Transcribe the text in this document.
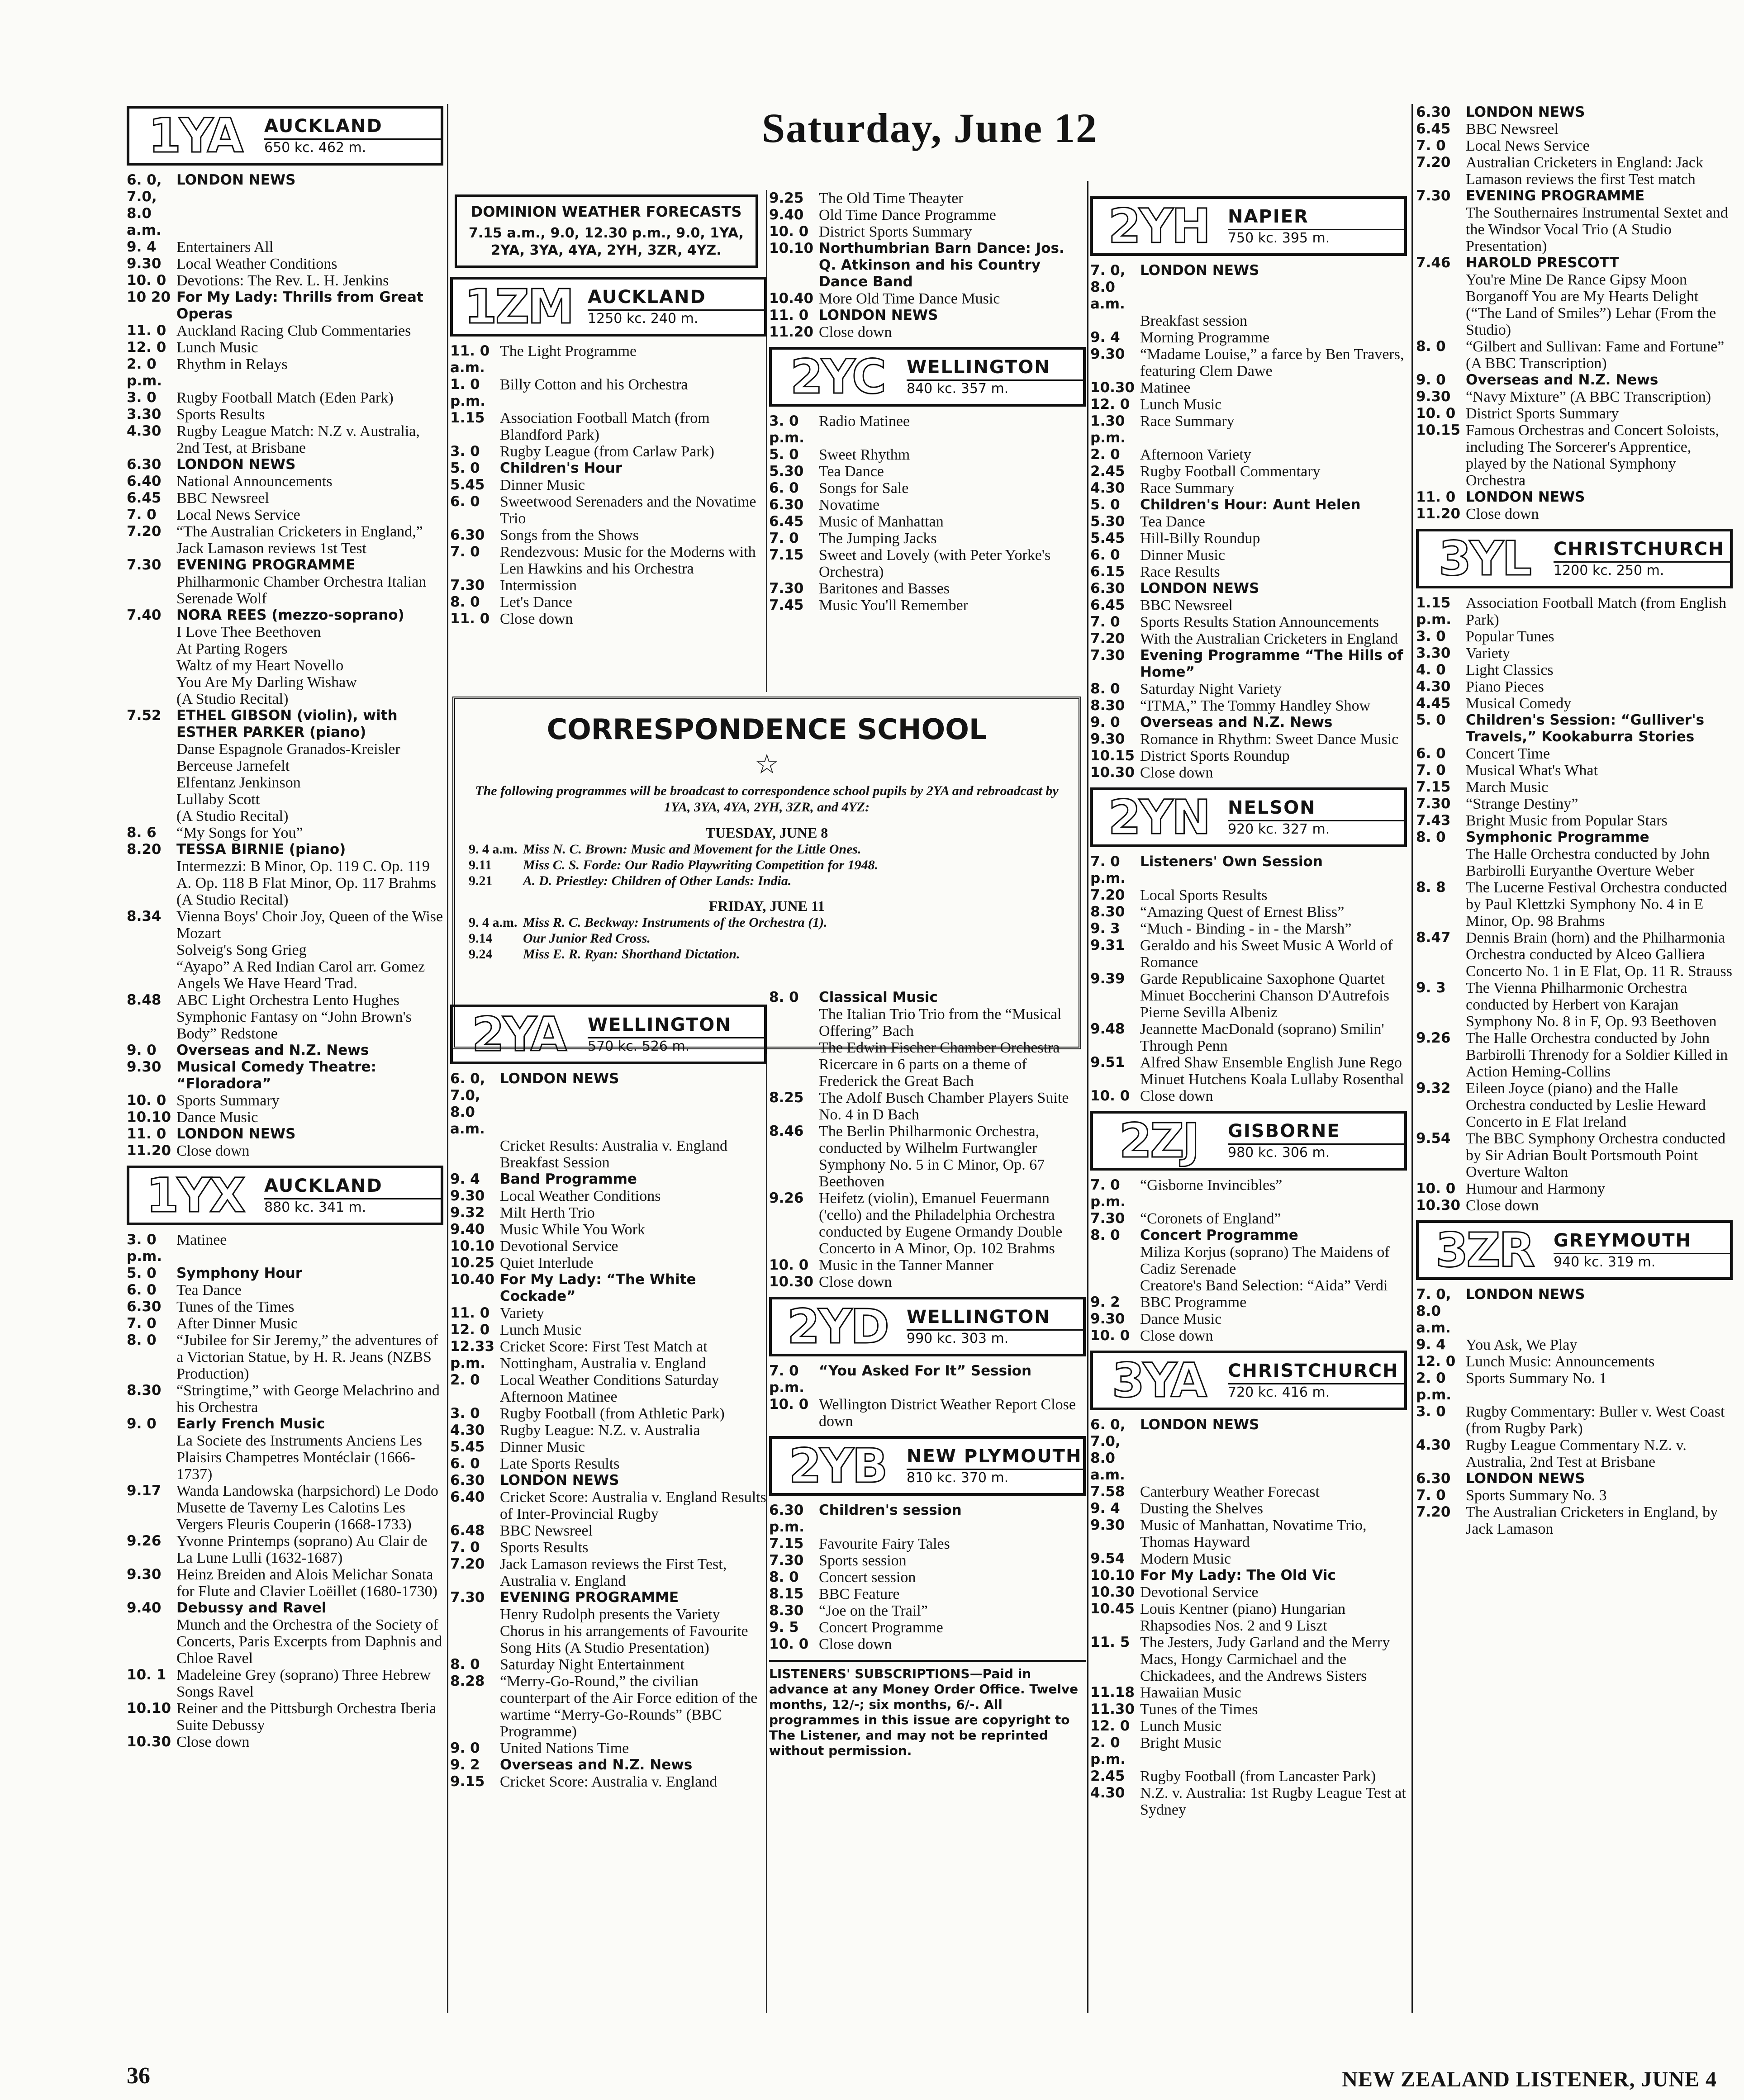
Saturday, June 12
1YA	AUCKLAND
650 kc. 462 m.
6. 0, 7.0, 8.0 a.m.
LONDON NEWS
9. 4	Entertainers All
9.30 Local Weather Conditions
10. 0 Devotions: The Rev. L. H. Jenkins
10 20 For My Lady: Thrills from Great Operas
11. 0 Auckland Racing Club Commentaries
12. 0 Lunch Music
2. 0 p.m.
Rhythm in Relays
3. 0	Rugby Football Match (Eden Park)
3.30 Sports Results
4.30 Rugby League Match: N.Z v. Australia, 2nd Test, at Brisbane
6.30	LONDON NEWS
6.40 National Announcements
6.45 BBC Newsreel
7. 0	Local News Service
7.20 “The Australian Cricketers in England,” Jack Lamason reviews 1st Test
7.30	EVENING PROGRAMME
Philharmonic Chamber Orchestra Italian Serenade Wolf
7.40	NORA REES (mezzo-soprano)
I Love Thee Beethoven
At Parting Rogers
Waltz of my Heart Novello
You Are My Darling Wishaw
(A Studio Recital)
7.52	ETHEL GIBSON (violin), with ESTHER PARKER (piano)
Danse Espagnole Granados-Kreisler
Berceuse Jarnefelt
Elfentanz Jenkinson
Lullaby Scott
(A Studio Recital)
8. 6	“My Songs for You”
8.20	TESSA BIRNIE (piano)
Intermezzi: B Minor, Op. 119 C. Op. 119 A. Op. 118 B Flat Minor, Op. 117 Brahms
(A Studio Recital)
8.34 Vienna Boys' Choir Joy, Queen of the Wise Mozart
Solveig's Song Grieg
“Ayapo” A Red Indian Carol arr. Gomez
Angels We Have Heard Trad.
8.48 ABC Light Orchestra Lento Hughes
Symphonic Fantasy on “John Brown's Body” Redstone
9. 0	Overseas and N.Z. News
9.30	Musical Comedy Theatre: “Floradora”
10. 0 Sports Summary
10.10 Dance Music
11. 0 LONDON NEWS
11.20 Close down
1YX	AUCKLAND
880 kc. 341 m.
3. 0 p.m.
Matinee
5. 0	Symphony Hour
6. 0	Tea Dance
6.30 Tunes of the Times
7. 0	After Dinner Music
8. 0	“Jubilee for Sir Jeremy,” the adventures of a Victorian Statue, by H. R. Jeans (NZBS Production)
8.30 “Stringtime,” with George Melachrino and his Orchestra
9. 0	Early French Music
La Societe des Instruments Anciens Les Plaisirs Champetres Montéclair (1666-1737)
9.17 Wanda Landowska (harpsichord) Le Dodo Musette de Taverny Les Calotins Les Vergers Fleuris Couperin (1668-1733)
9.26 Yvonne Printemps (soprano) Au Clair de La Lune Lulli (1632-1687)
9.30 Heinz Breiden and Alois Melichar Sonata for Flute and Clavier Loëillet (1680-1730)
9.40	Debussy and Ravel
Munch and the Orchestra of the Society of Concerts, Paris Excerpts from Daphnis and Chloe Ravel
10. 1 Madeleine Grey (soprano) Three Hebrew Songs Ravel
10.10 Reiner and the Pittsburgh Orchestra Iberia Suite Debussy
10.30 Close down
DOMINION WEATHER FORECASTS
7.15 a.m., 9.0, 12.30 p.m., 9.0, 1YA, 2YA, 3YA, 4YA, 2YH, 3ZR, 4YZ.
1ZM AUCKLAND
1250 kc. 240 m.
11. 0 a.m.
The Light Programme
1. 0 p.m.
Billy Cotton and his Orchestra
1.15 Association Football Match (from Blandford Park)
3. 0	Rugby League (from Carlaw Park)
5. 0	Children's Hour
5.45 Dinner Music
6. 0	Sweetwood Serenaders and the Novatime Trio
6.30 Songs from the Shows
7. 0	Rendezvous: Music for the Moderns with Len Hawkins and his Orchestra
7.30 Intermission
8. 0	Let's Dance
11. 0 Close down
2YA	WELLINGTON
570 kc. 526 m.
6. 0, 7.0, 8.0 a.m.
LONDON NEWS
Cricket Results: Australia v. England
Breakfast Session
9. 4	Band Programme
9.30 Local Weather Conditions
9.32 Milt Herth Trio
9.40 Music While You Work
10.10 Devotional Service
10.25 Quiet Interlude
10.40 For My Lady: “The White Cockade”
11. 0 Variety
12. 0 Lunch Music
12.33 p.m.
Cricket Score: First Test Match at Nottingham, Australia v. England
2. 0	Local Weather Conditions Saturday Afternoon Matinee
3. 0	Rugby Football (from Athletic Park)
4.30 Rugby League: N.Z. v. Australia
5.45 Dinner Music
6. 0	Late Sports Results
6.30	LONDON NEWS
6.40 Cricket Score: Australia v. England Results of Inter-Provincial Rugby
6.48 BBC Newsreel
7. 0	Sports Results
7.20 Jack Lamason reviews the First Test, Australia v. England
7.30	EVENING PROGRAMME
Henry Rudolph presents the Variety Chorus in his arrangements of Favourite Song Hits (A Studio Presentation)
8. 0	Saturday Night Entertainment
8.28 “Merry-Go-Round,” the civilian counterpart of the Air Force edition of the wartime “Merry-Go-Rounds” (BBC Programme)
9. 0	United Nations Time
9. 2	Overseas and N.Z. News
9.15 Cricket Score: Australia v. England
9.25 The Old Time Theayter
9.40 Old Time Dance Programme
10. 0 District Sports Summary
10.10 Northumbrian Barn Dance: Jos. Q. Atkinson and his Country Dance Band
10.40 More Old Time Dance Music
11. 0 LONDON NEWS
11.20 Close down
2YC	WELLINGTON
840 kc. 357 m.
3. 0 p.m.
Radio Matinee
5. 0	Sweet Rhythm
5.30 Tea Dance
6. 0	Songs for Sale
6.30 Novatime
6.45 Music of Manhattan
7. 0	The Jumping Jacks
7.15 Sweet and Lovely (with Peter Yorke's Orchestra)
7.30 Baritones and Basses
7.45 Music You'll Remember
8. 0	Classical Music
The Italian Trio Trio from the “Musical Offering” Bach
The Edwin Fischer Chamber Orchestra Ricercare in 6 parts on a theme of Frederick the Great Bach
8.25 The Adolf Busch Chamber Players Suite No. 4 in D Bach
8.46 The Berlin Philharmonic Orchestra, conducted by Wilhelm Furtwangler Symphony No. 5 in C Minor, Op. 67 Beethoven
9.26 Heifetz (violin), Emanuel Feuermann ('cello) and the Philadelphia Orchestra conducted by Eugene Ormandy Double Concerto in A Minor, Op. 102 Brahms
10. 0 Music in the Tanner Manner
10.30 Close down
2YD	WELLINGTON
990 kc. 303 m.
7. 0 p.m.
“You Asked For It” Session
10. 0 Wellington District Weather Report Close down
2YB	NEW PLYMOUTH
810 kc. 370 m.
6.30 p.m.
Children's session
7.15 Favourite Fairy Tales
7.30 Sports session
8. 0	Concert session
8.15 BBC Feature
8.30 “Joe on the Trail”
9. 5	Concert Programme
10. 0 Close down
LISTENERS' SUBSCRIPTIONS—Paid in advance at any Money Order Office. Twelve months, 12/-; six months, 6/-. All programmes in this issue are copyright to The Listener, and may not be reprinted without permission.
2YH	NAPIER
750 kc. 395 m.
7. 0, 8.0 a.m.
LONDON NEWS
Breakfast session
9. 4	Morning Programme
9.30 “Madame Louise,” a farce by Ben Travers, featuring Clem Dawe
10.30 Matinee
12. 0 Lunch Music
1.30 p.m.
Race Summary
2. 0	Afternoon Variety
2.45 Rugby Football Commentary
4.30 Race Summary
5. 0	Children's Hour: Aunt Helen
5.30 Tea Dance
5.45 Hill-Billy Roundup
6. 0	Dinner Music
6.15 Race Results
6.30	LONDON NEWS
6.45 BBC Newsreel
7. 0	Sports Results Station Announcements
7.20 With the Australian Cricketers in England
7.30	Evening Programme “The Hills of Home”
8. 0	Saturday Night Variety
8.30 “ITMA,” The Tommy Handley Show
9. 0	Overseas and N.Z. News
9.30 Romance in Rhythm: Sweet Dance Music
10.15 District Sports Roundup
10.30 Close down
2YN	NELSON
920 kc. 327 m.
7. 0 p.m.
Listeners' Own Session
7.20 Local Sports Results
8.30 “Amazing Quest of Ernest Bliss”
9. 3	“Much - Binding - in - the Marsh”
9.31 Geraldo and his Sweet Music A World of Romance
9.39 Garde Republicaine Saxophone Quartet Minuet Boccherini Chanson D'Autrefois Pierne Sevilla Albeniz
9.48 Jeannette MacDonald (soprano) Smilin' Through Penn
9.51 Alfred Shaw Ensemble English June Rego Minuet Hutchens Koala Lullaby Rosenthal
10. 0 Close down
2ZJ	GISBORNE
980 kc. 306 m.
7. 0 p.m.
“Gisborne Invincibles”
7.30 “Coronets of England”
8. 0	Concert Programme
Miliza Korjus (soprano) The Maidens of Cadiz Serenade
Creatore's Band Selection: “Aida” Verdi
9. 2	BBC Programme
9.30 Dance Music
10. 0 Close down
3YA	CHRISTCHURCH
720 kc. 416 m.
6. 0, 7.0, 8.0 a.m.
LONDON NEWS
7.58 Canterbury Weather Forecast
9. 4	Dusting the Shelves
9.30 Music of Manhattan, Novatime Trio, Thomas Hayward
9.54 Modern Music
10.10 For My Lady: The Old Vic
10.30 Devotional Service
10.45 Louis Kentner (piano) Hungarian Rhapsodies Nos. 2 and 9 Liszt
11. 5 The Jesters, Judy Garland and the Merry Macs, Hongy Carmichael and the Chickadees, and the Andrews Sisters
11.18 Hawaiian Music
11.30 Tunes of the Times
12. 0 Lunch Music
2. 0 p.m.
Bright Music
2.45 Rugby Football (from Lancaster Park)
4.30 N.Z. v. Australia: 1st Rugby League Test at Sydney
6.30	LONDON NEWS
6.45 BBC Newsreel
7. 0	Local News Service
7.20 Australian Cricketers in England: Jack Lamason reviews the first Test match
7.30	EVENING PROGRAMME
The Southernaires Instrumental Sextet and the Windsor Vocal Trio (A Studio Presentation)
7.46	HAROLD PRESCOTT
You're Mine De Rance Gipsy Moon Borganoff You are My Hearts Delight (“The Land of Smiles”) Lehar (From the Studio)
8. 0	“Gilbert and Sullivan: Fame and Fortune” (A BBC Transcription)
9. 0	Overseas and N.Z. News
9.30 “Navy Mixture” (A BBC Transcription)
10. 0 District Sports Summary
10.15 Famous Orchestras and Concert Soloists, including The Sorcerer's Apprentice, played by the National Symphony Orchestra
11. 0 LONDON NEWS
11.20 Close down
3YL	CHRISTCHURCH
1200 kc. 250 m.
1.15 p.m.
Association Football Match (from English Park)
3. 0	Popular Tunes
3.30 Variety
4. 0	Light Classics
4.30 Piano Pieces
4.45 Musical Comedy
5. 0	Children's Session: “Gulliver's Travels,” Kookaburra Stories
6. 0	Concert Time
7. 0	Musical What's What
7.15 March Music
7.30 “Strange Destiny”
7.43 Bright Music from Popular Stars
8. 0	Symphonic Programme
The Halle Orchestra conducted by John Barbirolli Euryanthe Overture Weber
8. 8	The Lucerne Festival Orchestra conducted by Paul Klettzki Symphony No. 4 in E Minor, Op. 98 Brahms
8.47 Dennis Brain (horn) and the Philharmonia Orchestra conducted by Alceo Galliera Concerto No. 1 in E Flat, Op. 11 R. Strauss
9. 3	The Vienna Philharmonic Orchestra conducted by Herbert von Karajan Symphony No. 8 in F, Op. 93 Beethoven
9.26 The Halle Orchestra conducted by John Barbirolli Threnody for a Soldier Killed in Action Heming-Collins
9.32 Eileen Joyce (piano) and the Halle Orchestra conducted by Leslie Heward Concerto in E Flat Ireland
9.54 The BBC Symphony Orchestra conducted by Sir Adrian Boult Portsmouth Point Overture Walton
10. 0 Humour and Harmony
10.30 Close down
3ZR	GREYMOUTH
940 kc. 319 m.
7. 0, 8.0 a.m.
LONDON NEWS
9. 4	You Ask, We Play
12. 0 Lunch Music: Announcements
2. 0 p.m.
Sports Summary No. 1
3. 0	Rugby Commentary: Buller v. West Coast (from Rugby Park)
4.30 Rugby League Commentary N.Z. v. Australia, 2nd Test at Brisbane
6.30	LONDON NEWS
7. 0	Sports Summary No. 3
7.20 The Australian Cricketers in England, by Jack Lamason
CORRESPONDENCE SCHOOL
☆
The following programmes will be broadcast to correspondence school pupils by 2YA and rebroadcast by 1YA, 3YA, 4YA, 2YH, 3ZR, and 4YZ:
TUESDAY, JUNE 8
9. 4 a.m. Miss N. C. Brown: Music and Movement for the Little Ones.
9.11	Miss C. S. Forde: Our Radio Playwriting Competition for 1948.
9.21	A. D. Priestley: Children of Other Lands: India.
FRIDAY, JUNE 11
9. 4 a.m. Miss R. C. Beckway: Instruments of the Orchestra (1).
9.14	Our Junior Red Cross.
9.24	Miss E. R. Ryan: Shorthand Dictation.
36	NEW ZEALAND LISTENER, JUNE 4
